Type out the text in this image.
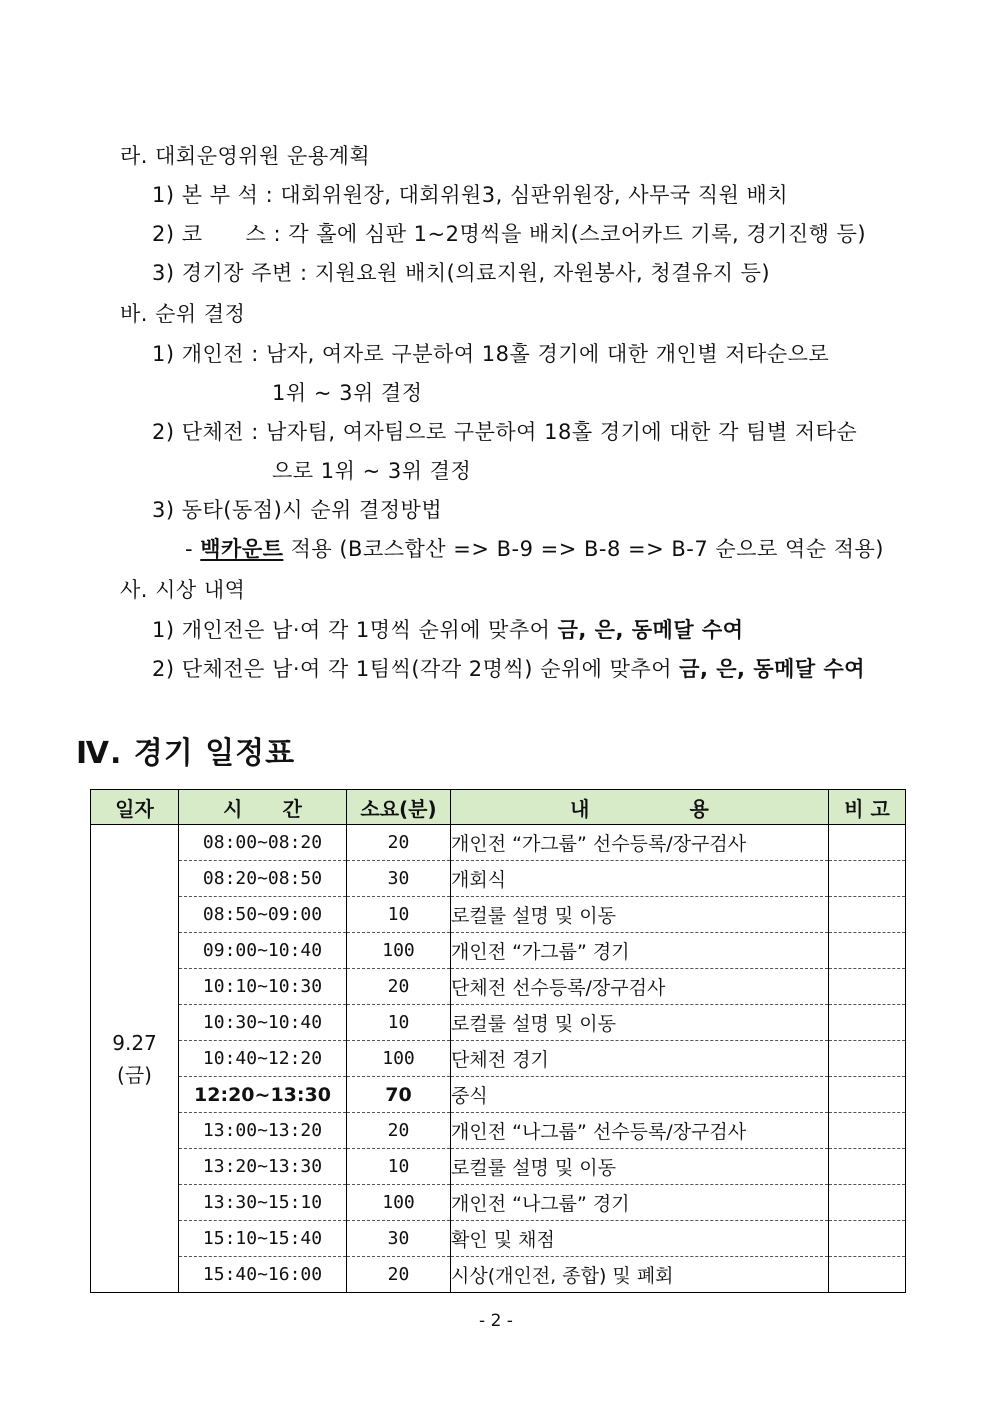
라. 대회운영위원 운용계획
1) 본 부 석 : 대회위원장, 대회위원3, 심판위원장, 사무국 직원 배치
2) 코　　스 : 각 홀에 심판 1~2명씩을 배치(스코어카드 기록, 경기진행 등)
3) 경기장 주변 : 지원요원 배치(의료지원, 자원봉사, 청결유지 등)
바. 순위 결정
1) 개인전 : 남자, 여자로 구분하여 18홀 경기에 대한 개인별 저타순으로
1위 ~ 3위 결정
2) 단체전 : 남자팀, 여자팀으로 구분하여 18홀 경기에 대한 각 팀별 저타순
으로 1위 ~ 3위 결정
3) 동타(동점)시 순위 결정방법
- 백카운트 적용 (B코스합산 => B-9 => B-8 => B-7 순으로 역순 적용)
사. 시상 내역
1) 개인전은 남·여 각 1명씩 순위에 맞추어 금, 은, 동메달 수여
2) 단체전은 남·여 각 1팀씩(각각 2명씩) 순위에 맞추어 금, 은, 동메달 수여
Ⅳ. 경기 일정표
일자	시　　간	소요(분)	내　　　　　용	비 고

9.27
(금)	08:00~08:20	20	개인전 “가그룹” 선수등록/장구검사	
	08:20~08:50	30	개회식	
	08:50~09:00	10	로컬룰 설명 및 이동	
	09:00~10:40	100	개인전 “가그룹” 경기	
	10:10~10:30	20	단체전 선수등록/장구검사	
	10:30~10:40	10	로컬룰 설명 및 이동	
	10:40~12:20	100	단체전 경기	
	12:20~13:30	70	중식	
	13:00~13:20	20	개인전 “나그룹” 선수등록/장구검사	
	13:20~13:30	10	로컬룰 설명 및 이동	
	13:30~15:10	100	개인전 “나그룹” 경기	
	15:10~15:40	30	확인 및 채점	
	15:40~16:00	20	시상(개인전, 종합) 및 폐회	
- 2 -
